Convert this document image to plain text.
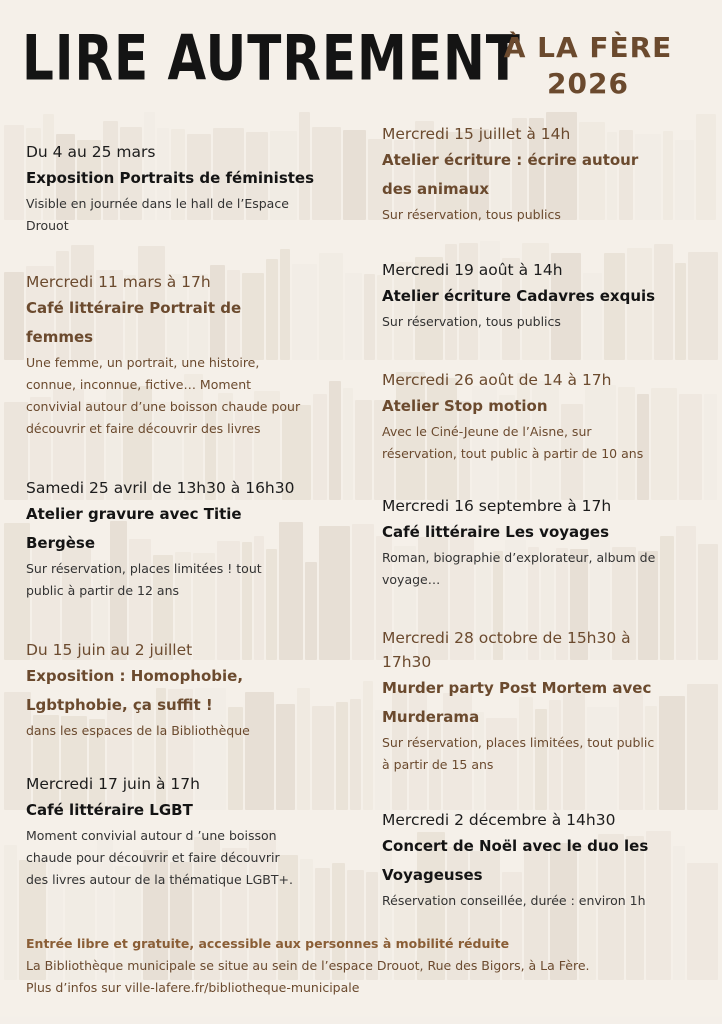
LIRE AUTREMENT
À LA FÈRE
2026
Du 4 au 25 mars
Exposition Portraits de féministes
Visible en journée dans le hall de l’Espace
Drouot
Mercredi 11 mars à 17h
Café littéraire Portrait de
femmes
Une femme, un portrait, une histoire,
connue, inconnue, fictive… Moment
convivial autour d’une boisson chaude pour
découvrir et faire découvrir des livres
Samedi 25 avril de 13h30 à 16h30
Atelier gravure avec Titie
Bergèse
Sur réservation, places limitées ! tout
public à partir de 12 ans
Du 15 juin au 2 juillet
Exposition : Homophobie,
Lgbtphobie, ça suffit !
dans les espaces de la Bibliothèque
Mercredi 17 juin à 17h
Café littéraire LGBT
Moment convivial autour d ’une boisson
chaude pour découvrir et faire découvrir
des livres autour de la thématique LGBT+.
Mercredi 15 juillet à 14h
Atelier écriture : écrire autour
des animaux
Sur réservation, tous publics
Mercredi 19 août à 14h
Atelier écriture Cadavres exquis
Sur réservation, tous publics
Mercredi 26 août de 14 à 17h
Atelier Stop motion
Avec le Ciné-Jeune de l’Aisne, sur
réservation, tout public à partir de 10 ans
Mercredi 16 septembre à 17h
Café littéraire Les voyages
Roman, biographie d’explorateur, album de
voyage…
Mercredi 28 octobre de 15h30 à
17h30
Murder party Post Mortem avec
Murderama
Sur réservation, places limitées, tout public
à partir de 15 ans
Mercredi 2 décembre à 14h30
Concert de Noël avec le duo les
Voyageuses
Réservation conseillée, durée : environ 1h
Entrée libre et gratuite, accessible aux personnes à mobilité réduite
La Bibliothèque municipale se situe au sein de l’espace Drouot, Rue des Bigors, à La Fère.
Plus d’infos sur ville-lafere.fr/bibliotheque-municipale
